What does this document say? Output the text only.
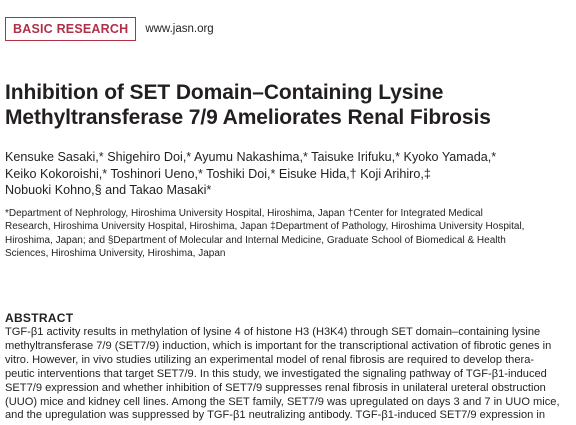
BASIC RESEARCH	www.jasn.org
Inhibition of SET Domain–Containing Lysine
Methyltransferase 7/9 Ameliorates Renal Fibrosis
Kensuke Sasaki,* Shigehiro Doi,* Ayumu Nakashima,* Taisuke Irifuku,* Kyoko Yamada,*
Keiko Kokoroishi,* Toshinori Ueno,* Toshiki Doi,* Eisuke Hida,† Koji Arihiro,‡
Nobuoki Kohno,§ and Takao Masaki*
*Department of Nephrology, Hiroshima University Hospital, Hiroshima, Japan †Center for Integrated Medical
Research, Hiroshima University Hospital, Hiroshima, Japan ‡Department of Pathology, Hiroshima University Hospital,
Hiroshima, Japan; and §Department of Molecular and Internal Medicine, Graduate School of Biomedical & Health
Sciences, Hiroshima University, Hiroshima, Japan
ABSTRACT
TGF-β1 activity results in methylation of lysine 4 of histone H3 (H3K4) through SET domain–containing lysine
methyltransferase 7/9 (SET7/9) induction, which is important for the transcriptional activation of fibrotic genes in
vitro. However, in vivo studies utilizing an experimental model of renal fibrosis are required to develop thera-
peutic interventions that target SET7/9. In this study, we investigated the signaling pathway of TGF-β1-induced
SET7/9 expression and whether inhibition of SET7/9 suppresses renal fibrosis in unilateral ureteral obstruction
(UUO) mice and kidney cell lines. Among the SET family, SET7/9 was upregulated on days 3 and 7 in UUO mice,
and the upregulation was suppressed by TGF-β1 neutralizing antibody. TGF-β1-induced SET7/9 expression in
